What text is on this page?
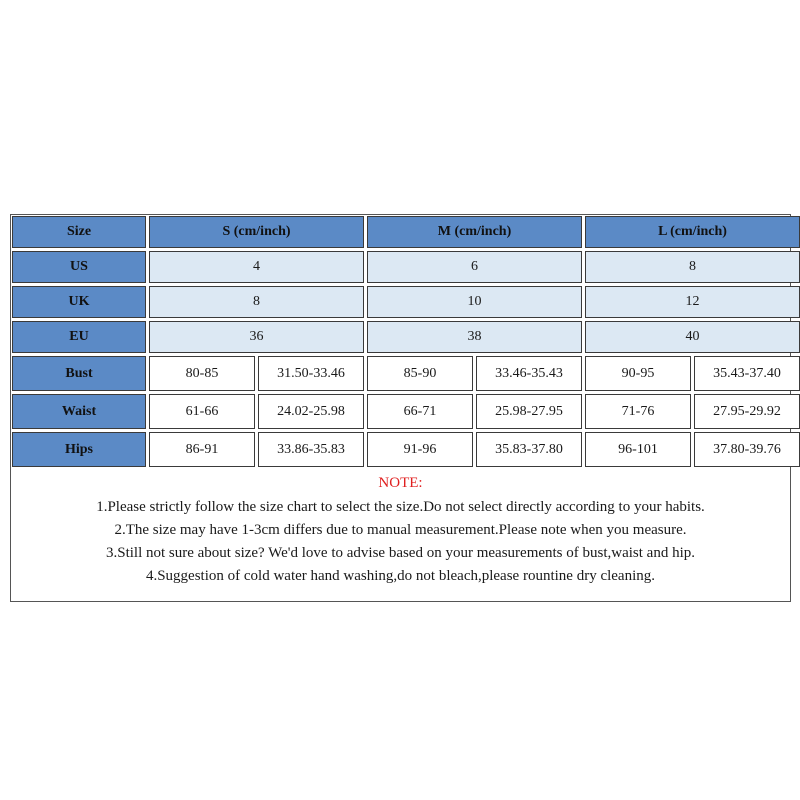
Size	S (cm/inch)	M (cm/inch)	L (cm/inch)
US	4	6	8
UK	8	10	12
EU	36	38	40
Bust	80-85	31.50-33.46	85-90	33.46-35.43	90-95	35.43-37.40
Waist	61-66	24.02-25.98	66-71	25.98-27.95	71-76	27.95-29.92
Hips	86-91	33.86-35.83	91-96	35.83-37.80	96-101	37.80-39.76
NOTE:
1.Please strictly follow the size chart to select the size.Do not select directly according to your habits.
2.The size may have 1-3cm differs due to manual measurement.Please note when you measure.
3.Still not sure about size? We'd love to advise based on your measurements of bust,waist and hip.
4.Suggestion of cold water hand washing,do not bleach,please rountine dry cleaning.
